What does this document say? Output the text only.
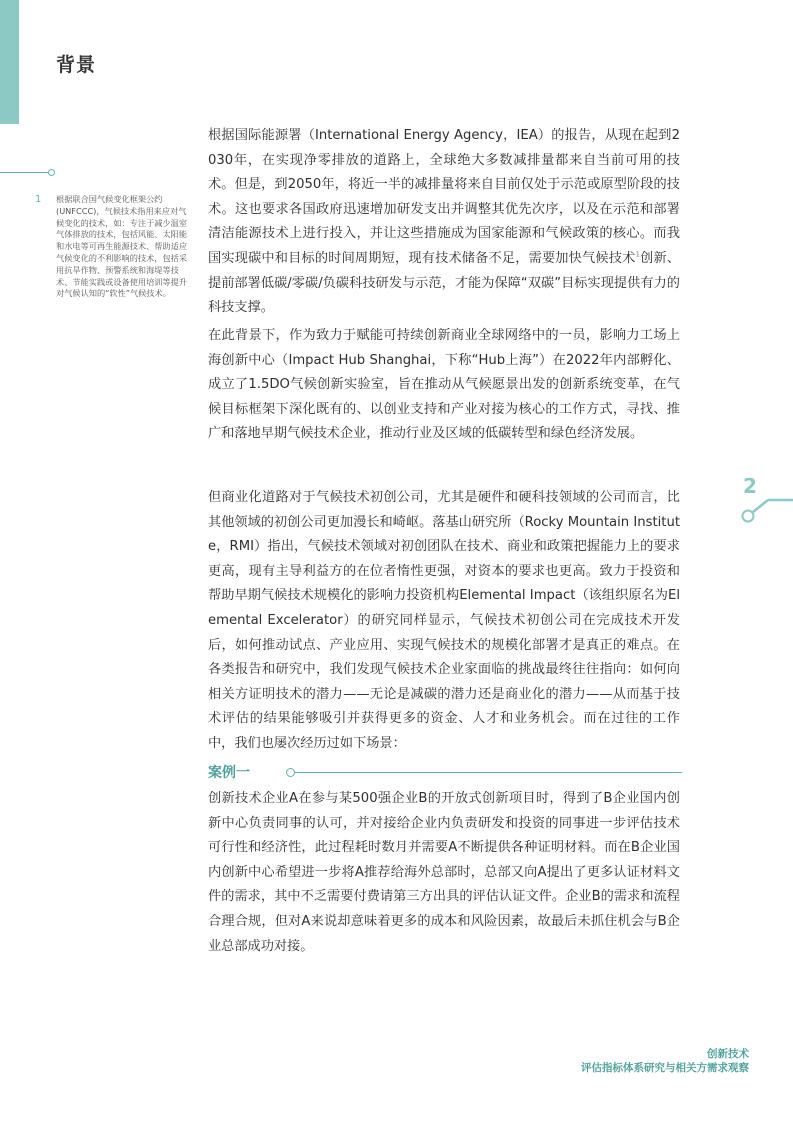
背景
1 根据联合国气候变化框架公约(UNFCCC)，气候技术指用来应对气候变化的技术，如：专注于减少温室气体排放的技术，包括风能、太阳能和水电等可再生能源技术、帮助适应气候变化的不利影响的技术，包括采用抗旱作物、预警系统和海堤等技术、节能实践或设备使用培训等提升对气候认知的“软性”气候技术。

根据国际能源署（International Energy Agency，IEA）的报告，从现在起到2030年，在实现净零排放的道路上，全球绝大多数减排量都来自当前可用的技术。但是，到2050年，将近一半的减排量将来自目前仅处于示范或原型阶段的技术。这也要求各国政府迅速增加研发支出并调整其优先次序，以及在示范和部署清洁能源技术上进行投入，并让这些措施成为国家能源和气候政策的核心。而我国实现碳中和目标的时间周期短，现有技术储备不足，需要加快气候技术$^1$创新、提前部署低碳/零碳/负碳科技研发与示范，才能为保障“双碳”目标实现提供有力的科技支撑。

在此背景下，作为致力于赋能可持续创新商业全球网络中的一员，影响力工场上海创新中心（Impact Hub Shanghai，下称“Hub上海”）在2022年内部孵化、成立了1.5DO气候创新实验室，旨在推动从气候愿景出发的创新系统变革，在气候目标框架下深化既有的、以创业支持和产业对接为核心的工作方式，寻找、推广和落地早期气候技术企业，推动行业及区域的低碳转型和绿色经济发展。

但商业化道路对于气候技术初创公司，尤其是硬件和硬科技领域的公司而言，比其他领域的初创公司更加漫长和崎岖。落基山研究所（Rocky Mountain Institute，RMI）指出，气候技术领域对初创团队在技术、商业和政策把握能力上的要求更高，现有主导利益方的在位者惰性更强，对资本的要求也更高。致力于投资和帮助早期气候技术规模化的影响力投资机构Elemental Impact（该组织原名为Elemental Excelerator）的研究同样显示，气候技术初创公司在完成技术开发后，如何推动试点、产业应用、实现气候技术的规模化部署才是真正的难点。在各类报告和研究中，我们发现气候技术企业家面临的挑战最终往往指向：如何向相关方证明技术的潜力——无论是减碳的潜力还是商业化的潜力——从而基于技术评估的结果能够吸引并获得更多的资金、人才和业务机会。而在过往的工作中，我们也屡次经历过如下场景：

案例一

创新技术企业A在参与某500强企业B的开放式创新项目时，得到了B企业国内创新中心负责同事的认可，并对接给企业内负责研发和投资的同事进一步评估技术可行性和经济性，此过程耗时数月并需要A不断提供各种证明材料。而在B企业国内创新中心希望进一步将A推荐给海外总部时，总部又向A提出了更多认证材料文件的需求，其中不乏需要付费请第三方出具的评估认证文件。企业B的需求和流程合理合规，但对A来说却意味着更多的成本和风险因素，故最后未抓住机会与B企业总部成功对接。

2
创新技术
评估指标体系研究与相关方需求观察
